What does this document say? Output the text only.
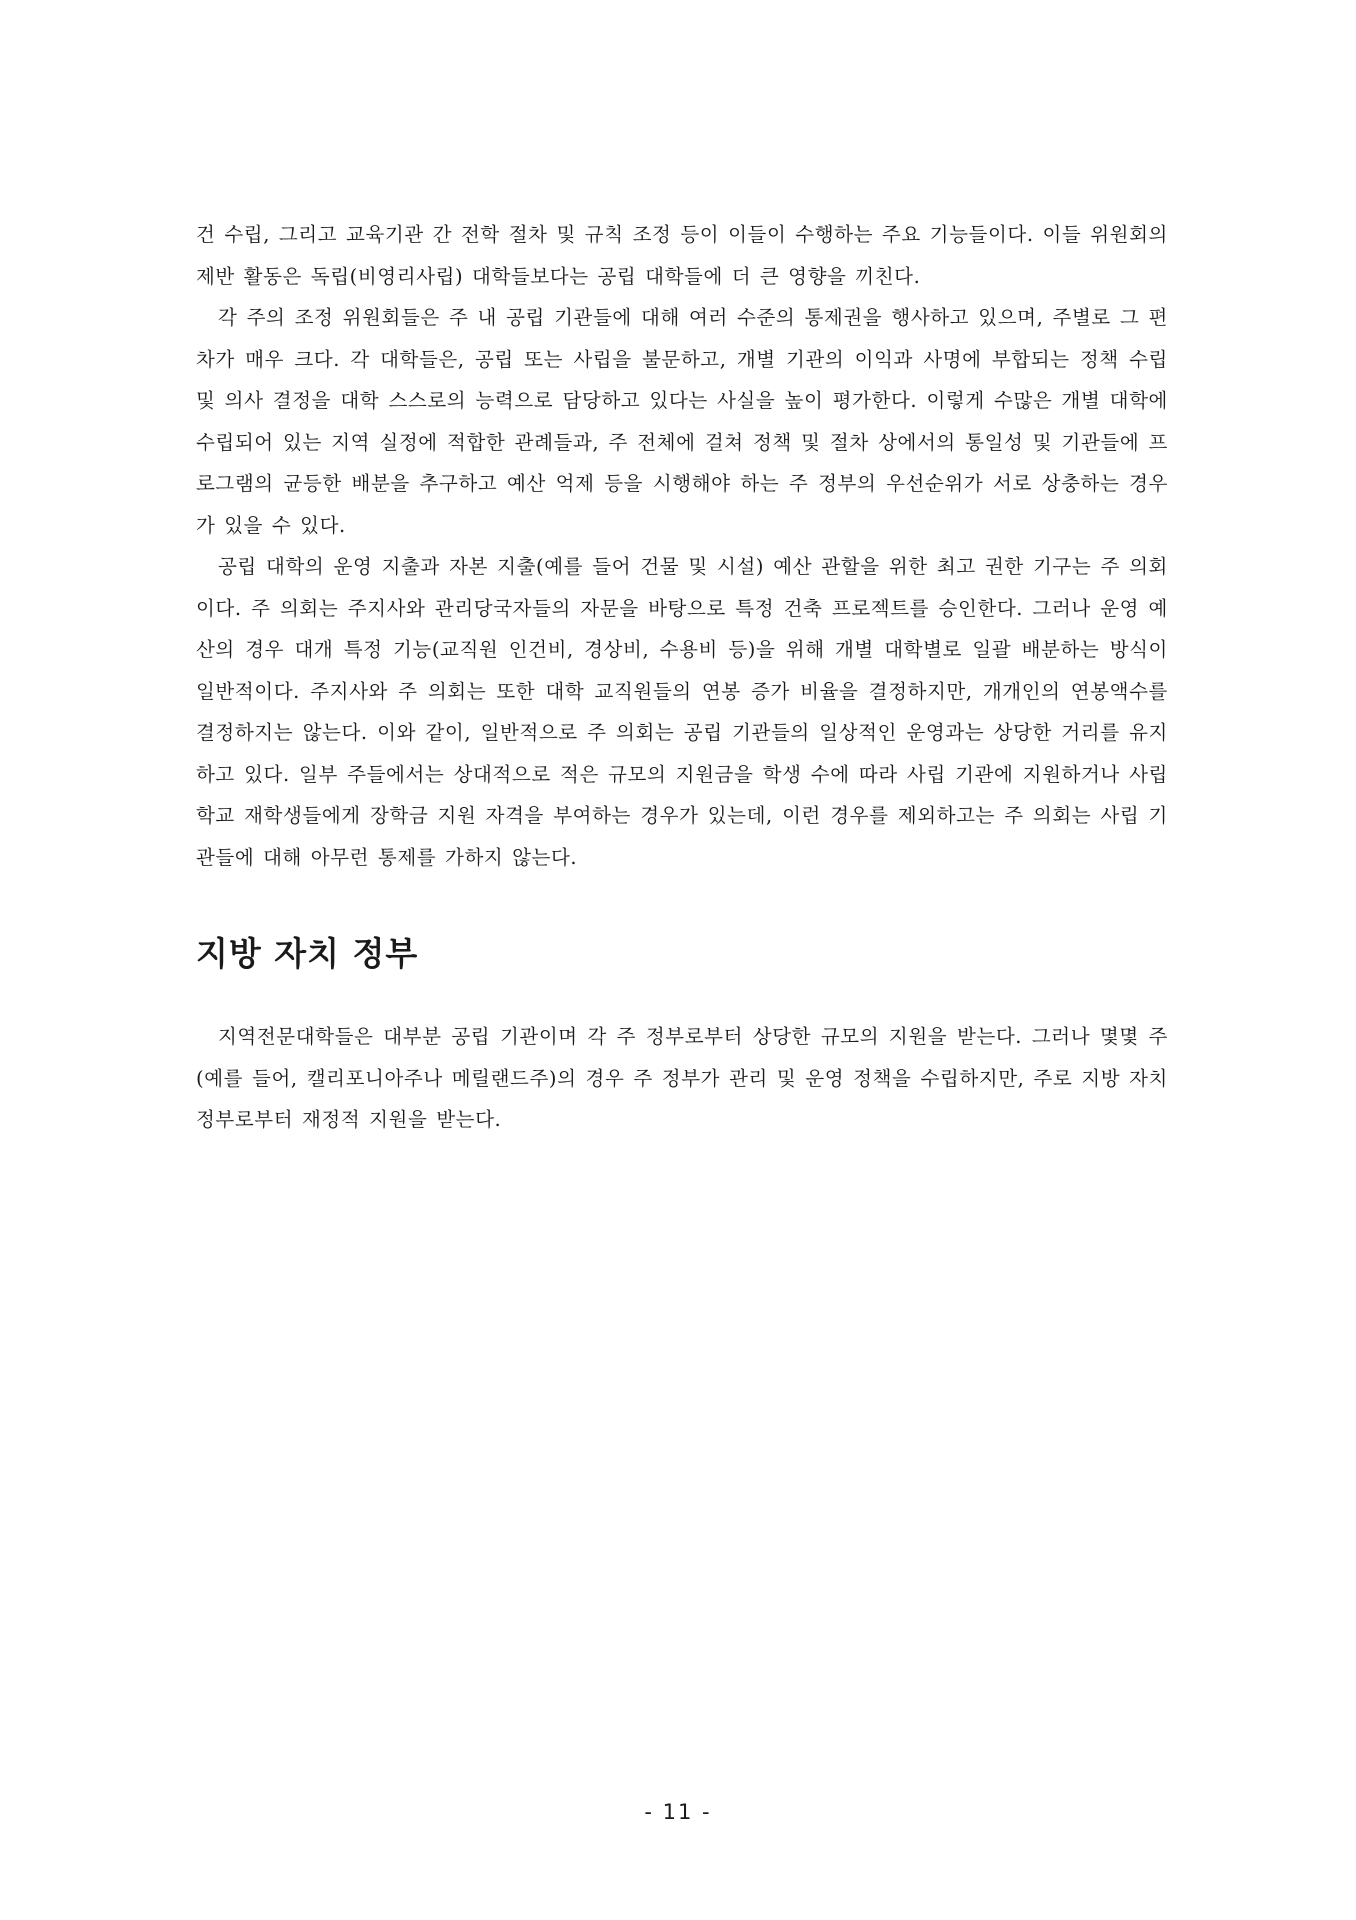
건 수립, 그리고 교육기관 간 전학 절차 및 규칙 조정 등이 이들이 수행하는 주요 기능들이다. 이들 위원회의 제반 활동은 독립(비영리사립) 대학들보다는 공립 대학들에 더 큰 영향을 끼친다.

각 주의 조정 위원회들은 주 내 공립 기관들에 대해 여러 수준의 통제권을 행사하고 있으며, 주별로 그 편차가 매우 크다. 각 대학들은, 공립 또는 사립을 불문하고, 개별 기관의 이익과 사명에 부합되는 정책 수립 및 의사 결정을 대학 스스로의 능력으로 담당하고 있다는 사실을 높이 평가한다. 이렇게 수많은 개별 대학에 수립되어 있는 지역 실정에 적합한 관례들과, 주 전체에 걸쳐 정책 및 절차 상에서의 통일성 및 기관들에 프로그램의 균등한 배분을 추구하고 예산 억제 등을 시행해야 하는 주 정부의 우선순위가 서로 상충하는 경우가 있을 수 있다.

공립 대학의 운영 지출과 자본 지출(예를 들어 건물 및 시설) 예산 관할을 위한 최고 권한 기구는 주 의회이다. 주 의회는 주지사와 관리당국자들의 자문을 바탕으로 특정 건축 프로젝트를 승인한다. 그러나 운영 예산의 경우 대개 특정 기능(교직원 인건비, 경상비, 수용비 등)을 위해 개별 대학별로 일괄 배분하는 방식이 일반적이다. 주지사와 주 의회는 또한 대학 교직원들의 연봉 증가 비율을 결정하지만, 개개인의 연봉액수를 결정하지는 않는다. 이와 같이, 일반적으로 주 의회는 공립 기관들의 일상적인 운영과는 상당한 거리를 유지하고 있다. 일부 주들에서는 상대적으로 적은 규모의 지원금을 학생 수에 따라 사립 기관에 지원하거나 사립학교 재학생들에게 장학금 지원 자격을 부여하는 경우가 있는데, 이런 경우를 제외하고는 주 의회는 사립 기관들에 대해 아무런 통제를 가하지 않는다.

지방 자치 정부

지역전문대학들은 대부분 공립 기관이며 각 주 정부로부터 상당한 규모의 지원을 받는다. 그러나 몇몇 주(예를 들어, 캘리포니아주나 메릴랜드주)의 경우 주 정부가 관리 및 운영 정책을 수립하지만, 주로 지방 자치 정부로부터 재정적 지원을 받는다.

- 11 -
